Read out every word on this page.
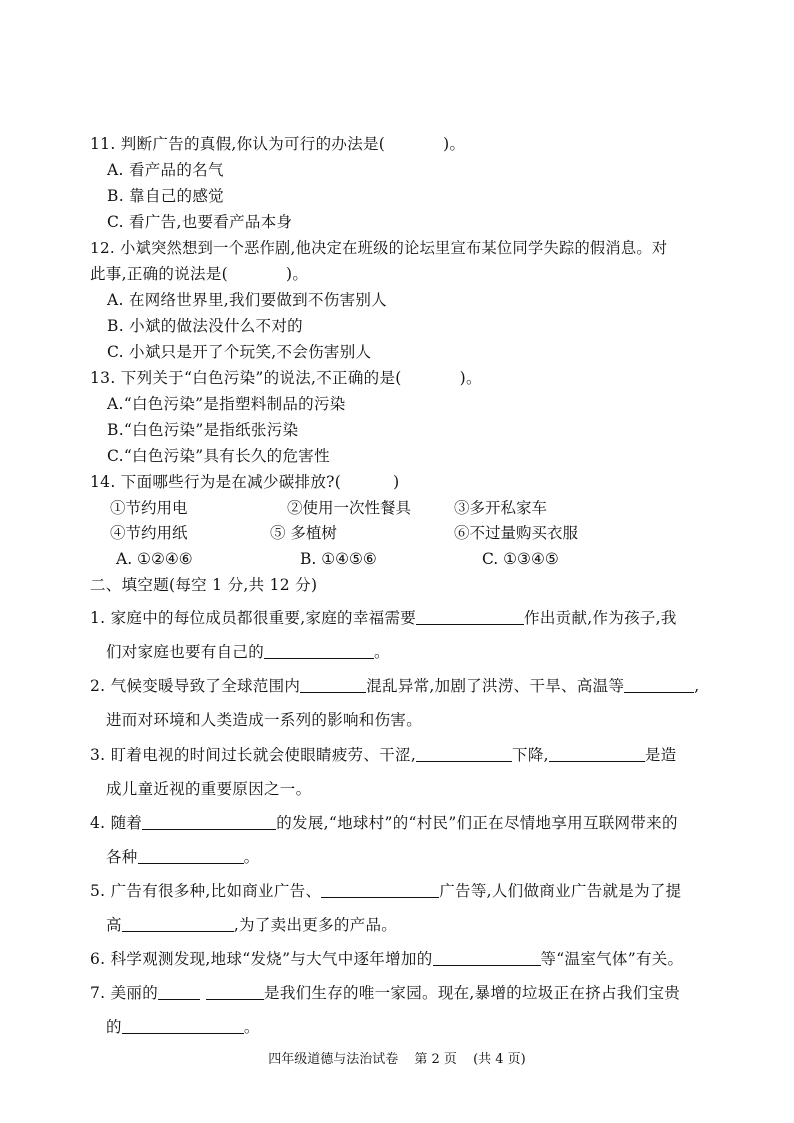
11. 判断广告的真假,你认为可行的办法是(	)。
A. 看产品的名气
B. 靠自己的感觉
C. 看广告,也要看产品本身
12. 小斌突然想到一个恶作剧,他决定在班级的论坛里宣布某位同学失踪的假消息。对
此事,正确的说法是(	)。
A. 在网络世界里,我们要做到不伤害别人
B. 小斌的做法没什么不对的
C. 小斌只是开了个玩笑,不会伤害别人
13. 下列关于“白色污染”的说法,不正确的是(	)。
A.“白色污染”是指塑料制品的污染
B.“白色污染”是指纸张污染
C.“白色污染”具有长久的危害性
14. 下面哪些行为是在减少碳排放?(	)
①节约用电	②使用一次性餐具	③多开私家车
④节约用纸	⑤ 多植树	⑥不过量购买衣服
A. ①②④⑥	B. ①④⑤⑥	C. ①③④⑤
二、填空题(每空 1 分,共 12 分)
1. 家庭中的每位成员都很重要,家庭的幸福需要	作出贡献,作为孩子,我
们对家庭也要有自己的	。
2. 气候变暖导致了全球范围内	混乱异常,加剧了洪涝、干旱、高温等	,
进而对环境和人类造成一系列的影响和伤害。
3. 盯着电视的时间过长就会使眼睛疲劳、干涩,	下降,	是造
成儿童近视的重要原因之一。
4. 随着	的发展,“地球村”的“村民”们正在尽情地享用互联网带来的
各种	。
5. 广告有很多种,比如商业广告、	广告等,人们做商业广告就是为了提
高	,为了卖出更多的产品。
6. 科学观测发现,地球“发烧”与大气中逐年增加的	等“温室气体”有关。
7. 美丽的	是我们生存的唯一家园。现在,暴增的垃圾正在挤占我们宝贵
的	。
四年级道德与法治试卷 第 2 页 (共 4 页)
